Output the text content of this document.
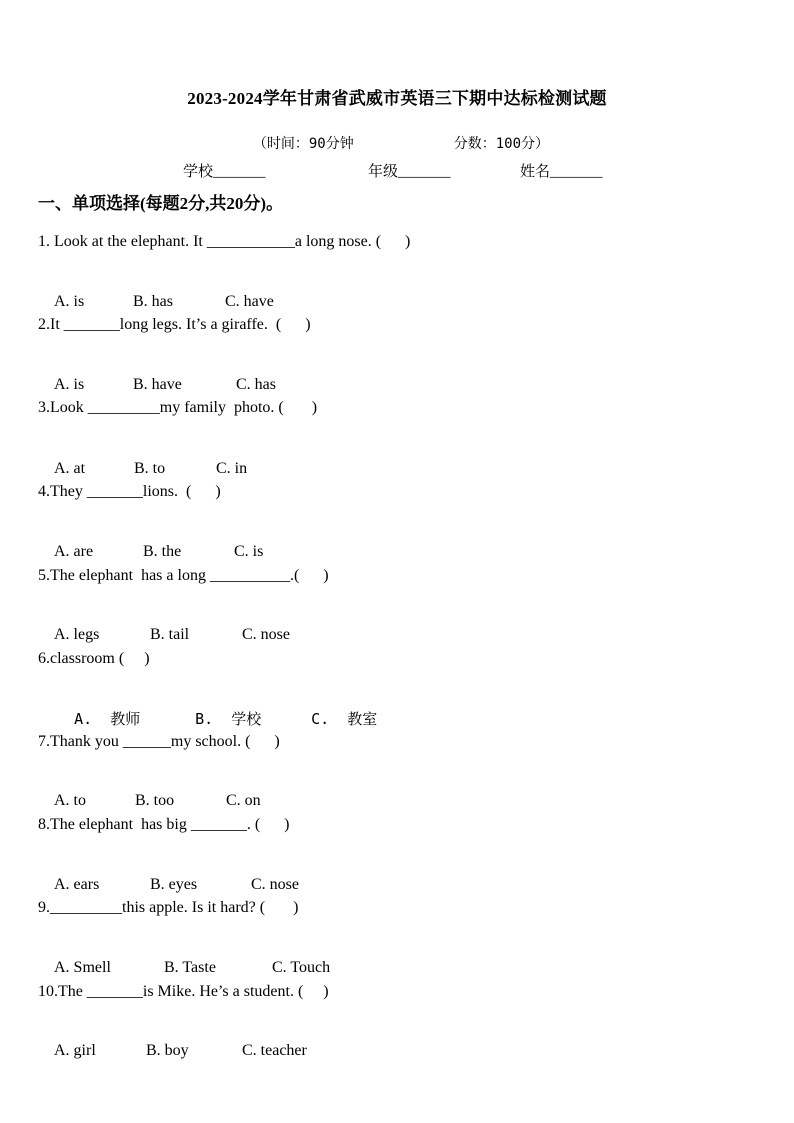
2023-2024学年甘肃省武威市英语三下期中达标检测试题

（时间：90分钟	分数：100分）

学校_______	年级_______	姓名_______
一、单项选择(每题2分,共20分)。
1. Look at the elephant. It ___________a long nose. (      )

A. is	B. has	C. have

2.It _______long legs. It’s a giraffe.  (      )

A. is	B. have	C. has

3.Look _________my family  photo. (       )

A. at	B. to	C. in

4.They _______lions.  (      )

A. are	B. the	C. is

5.The elephant  has a long __________.(      )

A. legs	B. tail	C. nose

6.classroom (     )

A.  教师	B.  学校	C.  教室

7.Thank you ______my school. (      )

A. to	B. too	C. on

8.The elephant  has big _______. (      )

A. ears	B. eyes	C. nose

9._________this apple. Is it hard? (       )

A. Smell	B. Taste	C. Touch

10.The _______is Mike. He’s a student. (     )

A. girl	B. boy	C. teacher
